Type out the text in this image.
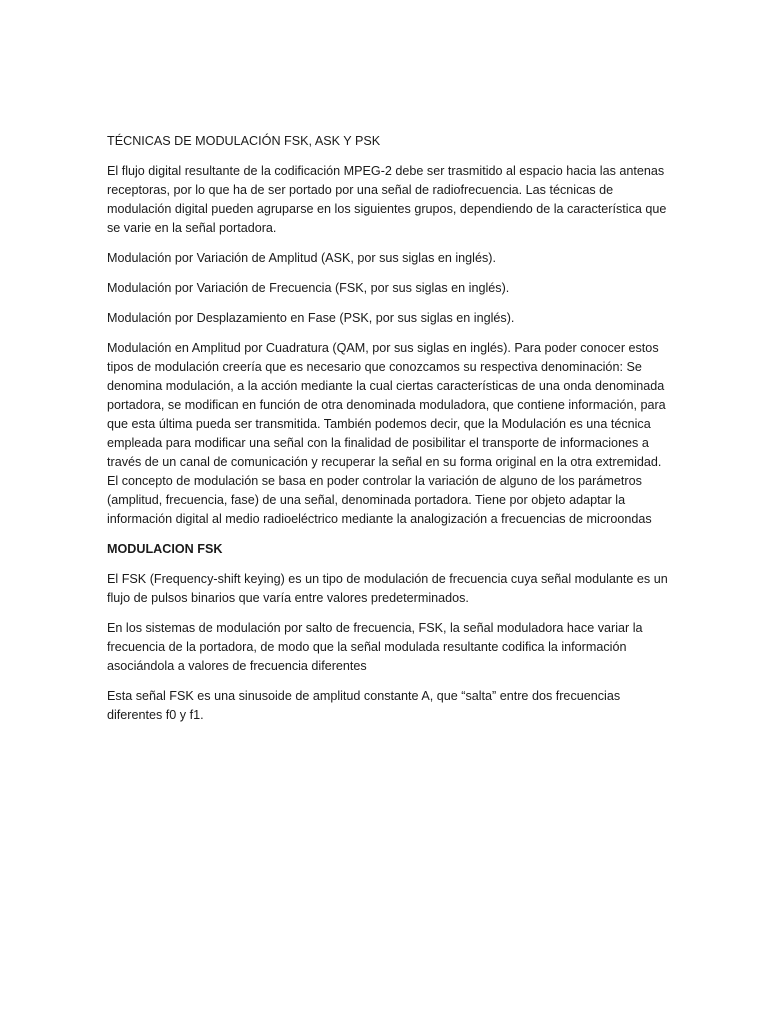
TÉCNICAS DE MODULACIÓN FSK, ASK Y PSK

El flujo digital resultante de la codificación MPEG-2 debe ser trasmitido al espacio hacia las antenas receptoras, por lo que ha de ser portado por una señal de radiofrecuencia. Las técnicas de modulación digital pueden agruparse en los siguientes grupos, dependiendo de la característica que se varie en la señal portadora.

Modulación por Variación de Amplitud (ASK, por sus siglas en inglés).

Modulación por Variación de Frecuencia (FSK, por sus siglas en inglés).

Modulación por Desplazamiento en Fase (PSK, por sus siglas en inglés).

Modulación en Amplitud por Cuadratura (QAM, por sus siglas en inglés). Para poder conocer estos tipos de modulación creería que es necesario que conozcamos su respectiva denominación: Se denomina modulación, a la acción mediante la cual ciertas características de una onda denominada portadora, se modifican en función de otra denominada moduladora, que contiene información, para que esta última pueda ser transmitida. También podemos decir, que la Modulación es una técnica empleada para modificar una señal con la finalidad de posibilitar el transporte de informaciones a través de un canal de comunicación y recuperar la señal en su forma original en la otra extremidad. El concepto de modulación se basa en poder controlar la variación de alguno de los parámetros (amplitud, frecuencia, fase) de una señal, denominada portadora. Tiene por objeto adaptar la información digital al medio radioeléctrico mediante la analogización a frecuencias de microondas

MODULACION FSK

El FSK (Frequency-shift keying) es un tipo de modulación de frecuencia cuya señal modulante es un flujo de pulsos binarios que varía entre valores predeterminados.

En los sistemas de modulación por salto de frecuencia, FSK, la señal moduladora hace variar la frecuencia de la portadora, de modo que la señal modulada resultante codifica la información asociándola a valores de frecuencia diferentes

Esta señal FSK es una sinusoide de amplitud constante A, que “salta” entre dos frecuencias diferentes f0 y f1.
